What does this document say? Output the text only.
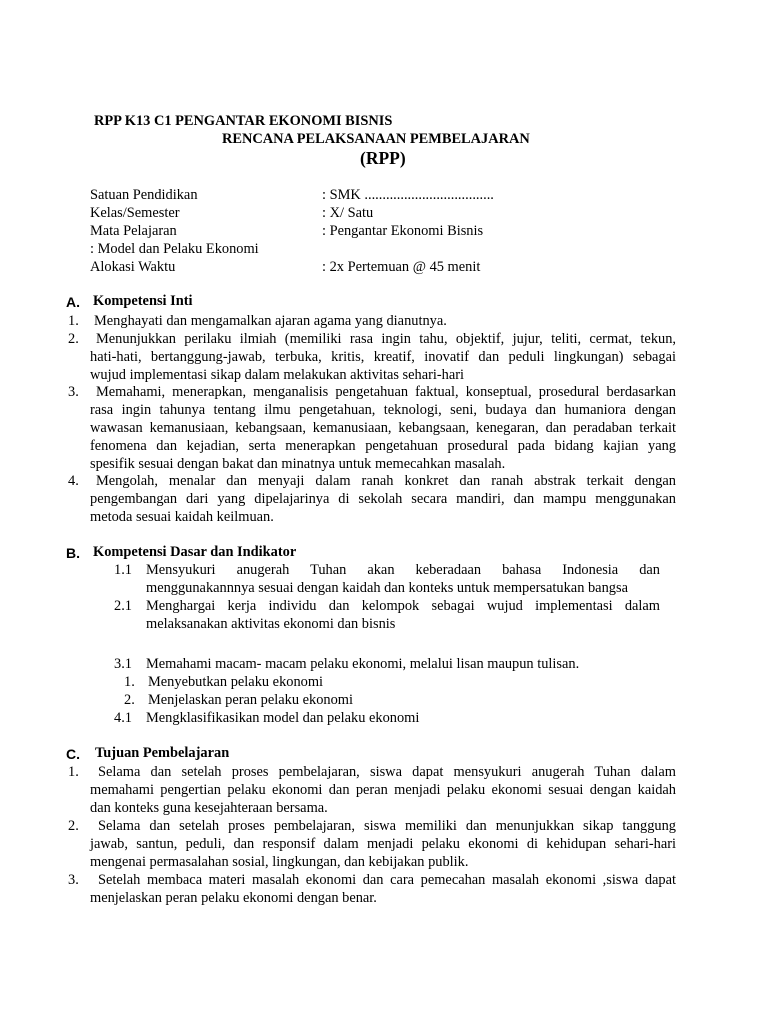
RPP K13 C1 PENGANTAR EKONOMI BISNIS
RENCANA PELAKSANAAN PEMBELAJARAN
(RPP)
Satuan Pendidikan	: SMK ....................................
Kelas/Semester	: X/ Satu
Mata Pelajaran	: Pengantar Ekonomi Bisnis
: Model dan Pelaku Ekonomi
Alokasi Waktu	: 2x Pertemuan @ 45 menit
A. Kompetensi Inti
1. Menghayati dan mengamalkan ajaran agama yang dianutnya.
2.	Menunjukkan perilaku ilmiah (memiliki rasa ingin tahu, objektif, jujur, teliti, cermat, tekun,
hati-hati, bertanggung-jawab, terbuka, kritis, kreatif, inovatif dan peduli lingkungan) sebagai
wujud implementasi sikap dalam melakukan aktivitas sehari-hari
3.	Memahami, menerapkan, menganalisis pengetahuan faktual, konseptual, prosedural berdasarkan
rasa ingin tahunya tentang ilmu pengetahuan, teknologi, seni, budaya dan humaniora dengan
wawasan kemanusiaan, kebangsaan, kemanusiaan, kebangsaan, kenegaran, dan peradaban terkait
fenomena dan kejadian, serta menerapkan pengetahuan prosedural pada bidang kajian yang
spesifik sesuai dengan bakat dan minatnya untuk memecahkan masalah.
4.	Mengolah, menalar dan menyaji dalam ranah konkret dan ranah abstrak terkait dengan
pengembangan dari yang dipelajarinya di sekolah secara mandiri, dan mampu menggunakan
metoda sesuai kaidah keilmuan.
B. Kompetensi Dasar dan Indikator
1.1 Mensyukuri anugerah Tuhan akan keberadaan bahasa Indonesia dan
menggunakannnya sesuai dengan kaidah dan konteks untuk mempersatukan bangsa
2.1 Menghargai kerja individu dan kelompok sebagai wujud implementasi dalam
melaksanakan aktivitas ekonomi dan bisnis
3.1 Memahami macam- macam pelaku ekonomi, melalui lisan maupun tulisan.
1. Menyebutkan pelaku ekonomi
2. Menjelaskan peran pelaku ekonomi
4.1 Mengklasifikasikan model dan pelaku ekonomi
C. Tujuan Pembelajaran
1.	Selama dan setelah proses pembelajaran, siswa dapat mensyukuri anugerah Tuhan dalam
memahami pengertian pelaku ekonomi dan peran menjadi pelaku ekonomi sesuai dengan kaidah
dan konteks guna kesejahteraan bersama.
2.	Selama dan setelah proses pembelajaran, siswa memiliki dan menunjukkan sikap tanggung
jawab, santun, peduli, dan responsif dalam menjadi pelaku ekonomi di kehidupan sehari-hari
mengenai permasalahan sosial, lingkungan, dan kebijakan publik.
3.	Setelah membaca materi masalah ekonomi dan cara pemecahan masalah ekonomi ,siswa dapat
menjelaskan peran pelaku ekonomi dengan benar.
